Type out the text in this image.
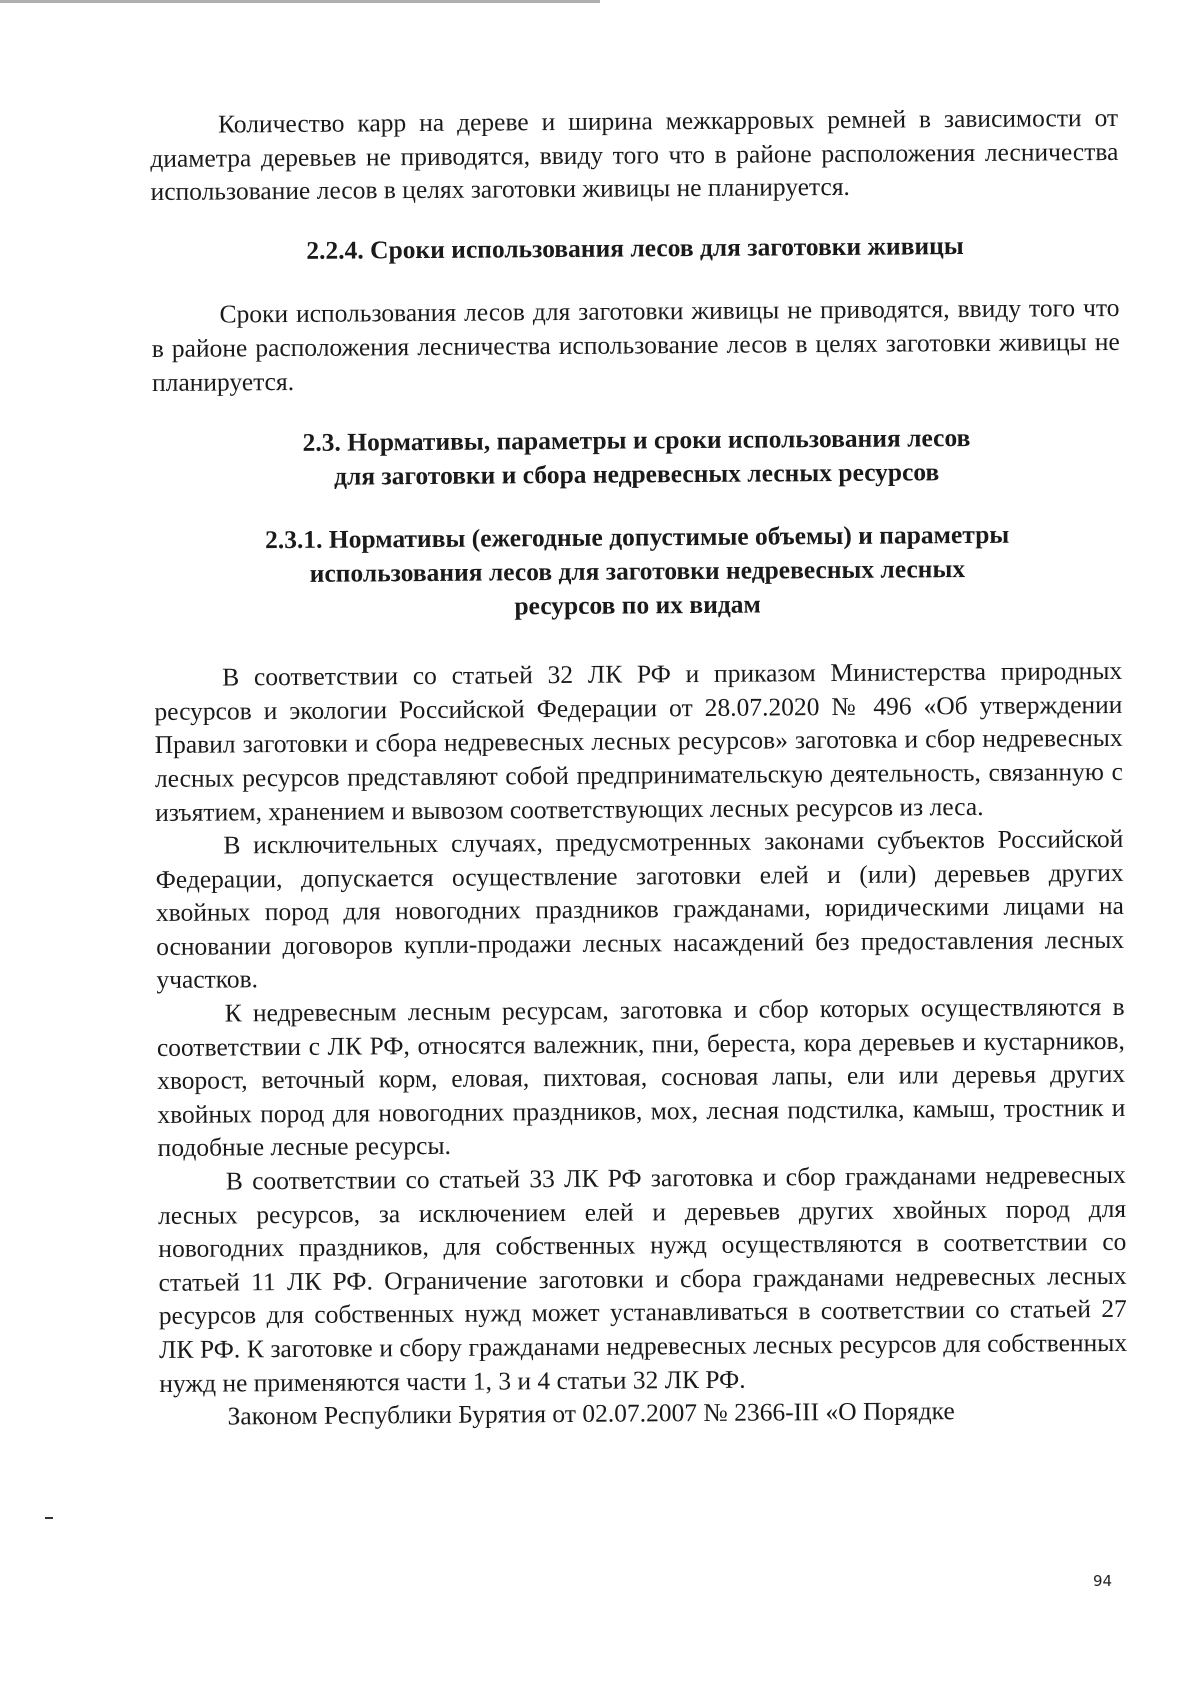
Количество карр на дереве и ширина межкарровых ремней в зависимости от диаметра деревьев не приводятся, ввиду того что в районе расположения лесничества использование лесов в целях заготовки живицы не планируется.

2.2.4. Сроки использования лесов для заготовки живицы

Сроки использования лесов для заготовки живицы не приводятся, ввиду того что в районе расположения лесничества использование лесов в целях заготовки живицы не планируется.

2.3. Нормативы, параметры и сроки использования лесов
для заготовки и сбора недревесных лесных ресурсов
2.3.1. Нормативы (ежегодные допустимые объемы) и параметры
использования лесов для заготовки недревесных лесных
ресурсов по их видам

В соответствии со статьей 32 ЛК РФ и приказом Министерства природных ресурсов и экологии Российской Федерации от 28.07.2020 № 496 «Об утверждении Правил заготовки и сбора недревесных лесных ресурсов» заготовка и сбор недревесных лесных ресурсов представляют собой предпринимательскую деятельность, связанную с изъятием, хранением и вывозом соответствующих лесных ресурсов из леса.

В исключительных случаях, предусмотренных законами субъектов Российской Федерации, допускается осуществление заготовки елей и (или) деревьев других хвойных пород для новогодних праздников гражданами, юридическими лицами на основании договоров купли-продажи лесных насаждений без предоставления лесных участков.

К недревесным лесным ресурсам, заготовка и сбор которых осуществляются в соответствии с ЛК РФ, относятся валежник, пни, береста, кора деревьев и кустарников, хворост, веточный корм, еловая, пихтовая, сосновая лапы, ели или деревья других хвойных пород для новогодних праздников, мох, лесная подстилка, камыш, тростник и подобные лесные ресурсы.

В соответствии со статьей 33 ЛК РФ заготовка и сбор гражданами недревесных лесных ресурсов, за исключением елей и деревьев других хвойных пород для новогодних праздников, для собственных нужд осуществляются в соответствии со статьей 11 ЛК РФ. Ограничение заготовки и сбора гражданами недревесных лесных ресурсов для собственных нужд может устанавливаться в соответствии со статьей 27 ЛК РФ. К заготовке и сбору гражданами недревесных лесных ресурсов для собственных нужд не применяются части 1, 3 и 4 статьи 32 ЛК РФ.

Законом Республики Бурятия от 02.07.2007 № 2366-III «О Порядке

94
